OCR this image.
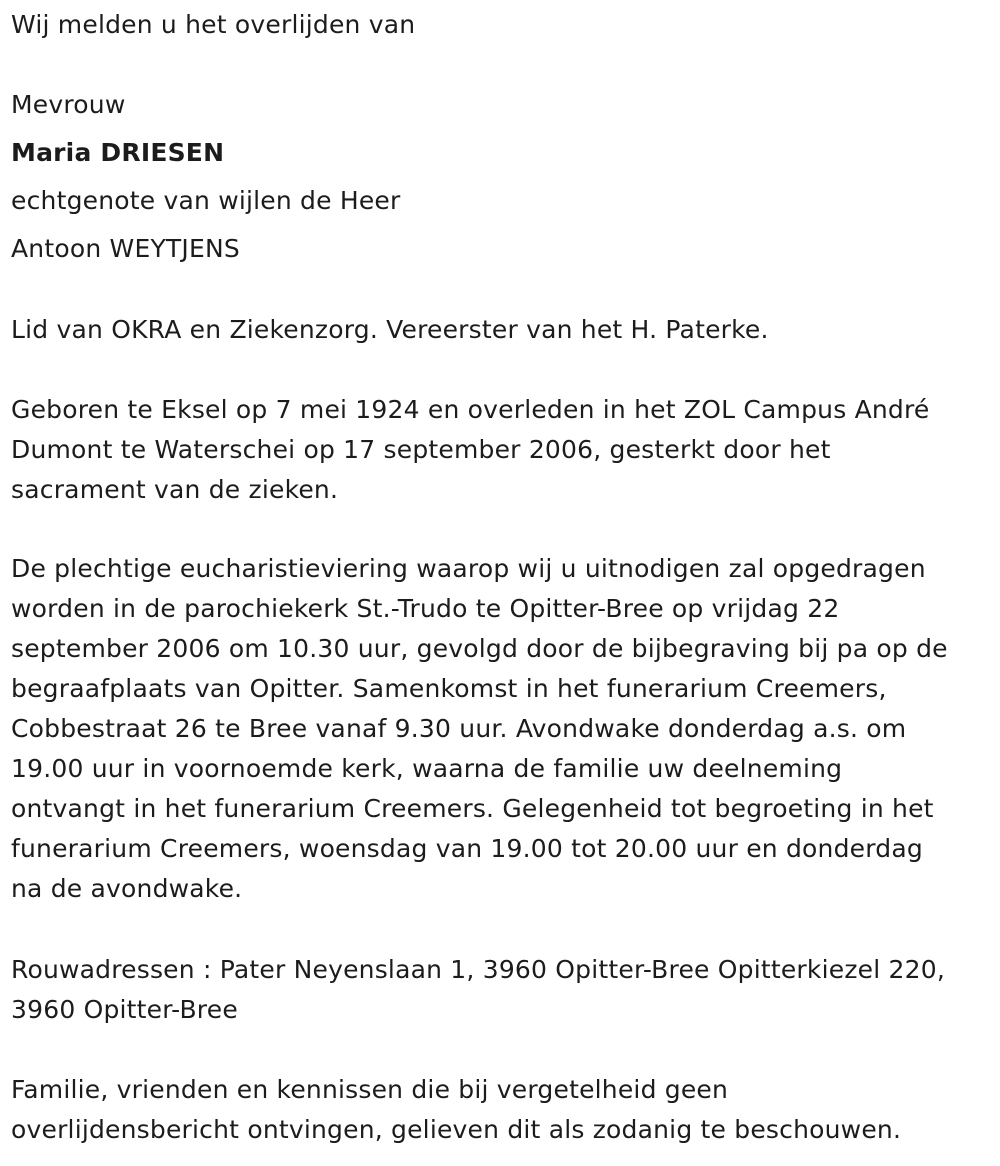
Wij melden u het overlijden van
Mevrouw
Maria DRIESEN
echtgenote van wijlen de Heer
Antoon WEYTJENS
Lid van OKRA en Ziekenzorg. Vereerster van het H. Paterke.
Geboren te Eksel op 7 mei 1924 en overleden in het ZOL Campus André
Dumont te Waterschei op 17 september 2006, gesterkt door het
sacrament van de zieken.
De plechtige eucharistieviering waarop wij u uitnodigen zal opgedragen
worden in de parochiekerk St.-Trudo te Opitter-Bree op vrijdag 22
september 2006 om 10.30 uur, gevolgd door de bijbegraving bij pa op de
begraafplaats van Opitter. Samenkomst in het funerarium Creemers,
Cobbestraat 26 te Bree vanaf 9.30 uur. Avondwake donderdag a.s. om
19.00 uur in voornoemde kerk, waarna de familie uw deelneming
ontvangt in het funerarium Creemers. Gelegenheid tot begroeting in het
funerarium Creemers, woensdag van 19.00 tot 20.00 uur en donderdag
na de avondwake.
Rouwadressen : Pater Neyenslaan 1, 3960 Opitter-Bree Opitterkiezel 220,
3960 Opitter-Bree
Familie, vrienden en kennissen die bij vergetelheid geen
overlijdensbericht ontvingen, gelieven dit als zodanig te beschouwen.
